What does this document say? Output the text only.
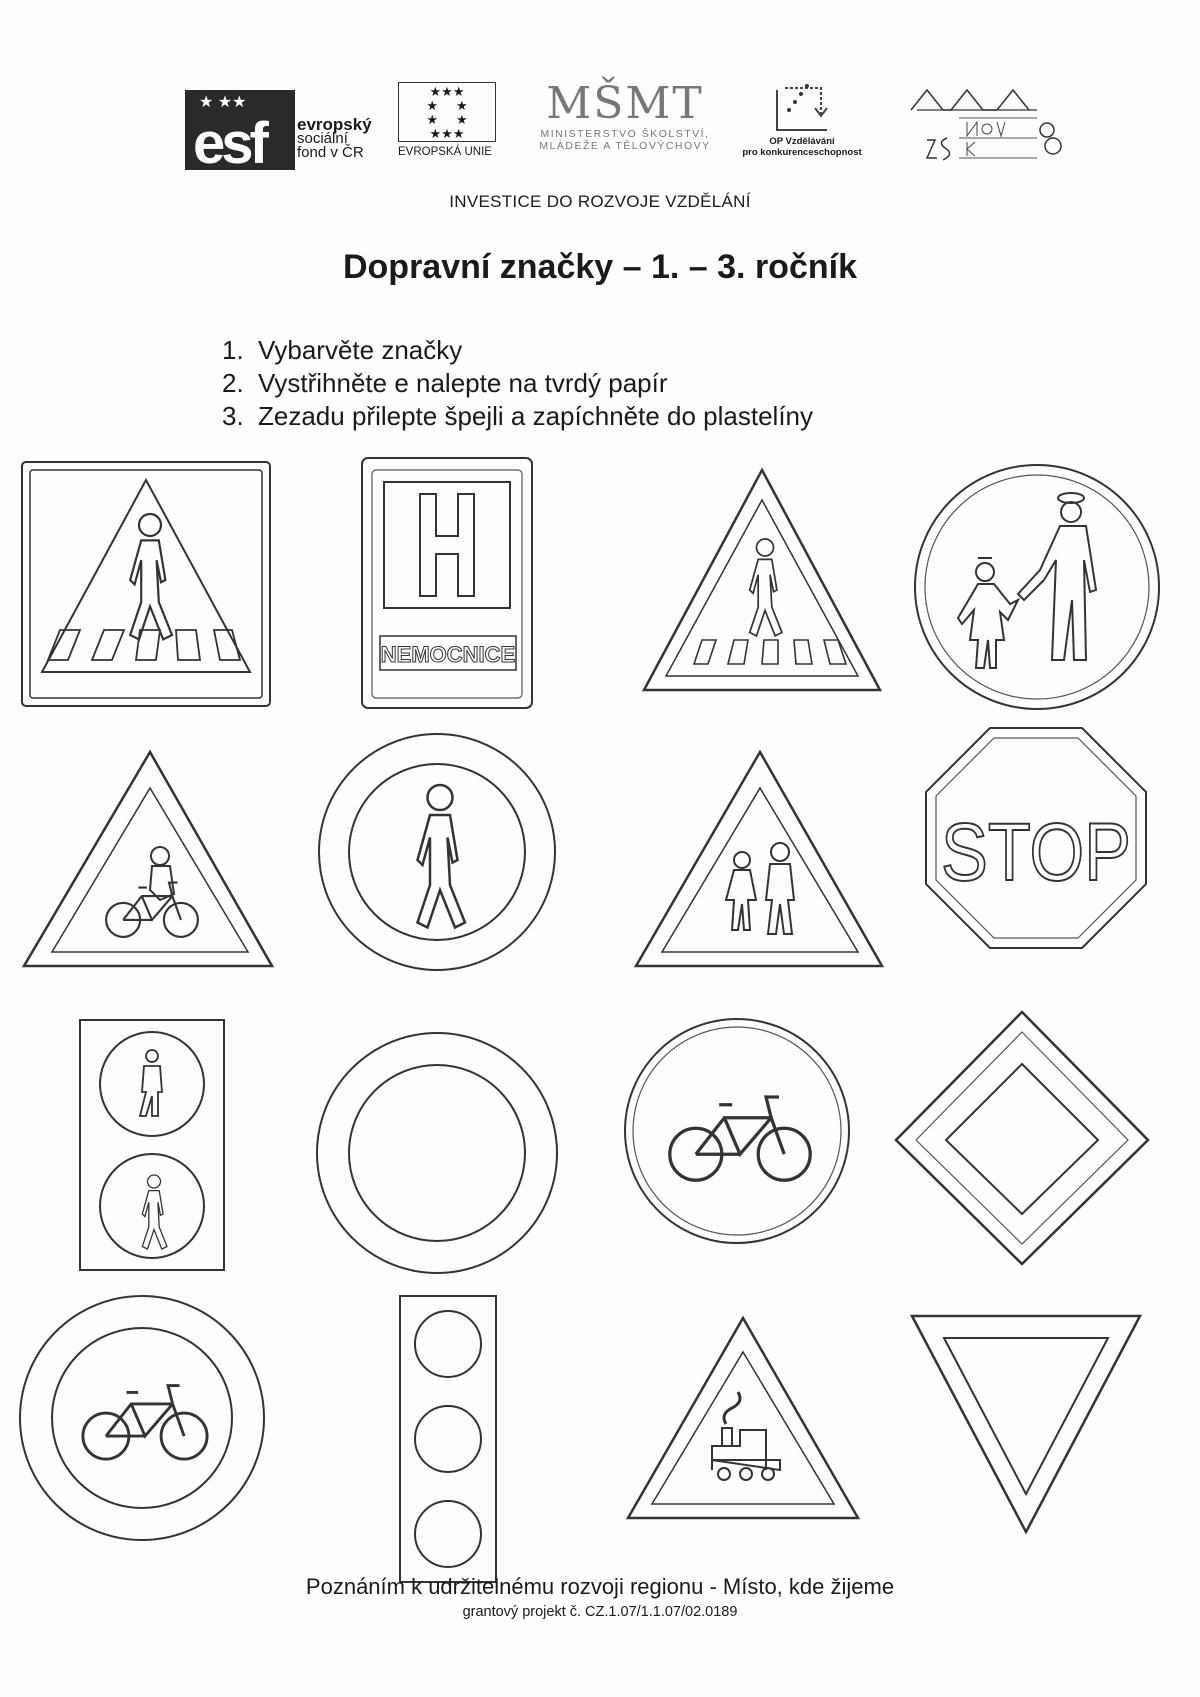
★ ★★
esf evropský
sociální
fond v ČR
★★★
★     ★
★     ★
★★★
EVROPSKÁ UNIE
MŠMT
MINISTERSTVO ŠKOLSTVÍ,
MLÁDEŽE A TĚLOVÝCHOVY	OP Vzdělávání
pro konkurenceschopnost
INVESTICE DO ROZVOJE VZDĚLÁNÍ
Dopravní značky – 1. – 3. ročník
1. Vybarvěte značky
2. Vystřihněte e nalepte na tvrdý papír
3. Zezadu přilepte špejli a zapíchněte do plastelíny
NEMOCNICE
STOP
Poznáním k udržitelnému rozvoji regionu - Místo, kde žijeme
grantový projekt č. CZ.1.07/1.1.07/02.0189
